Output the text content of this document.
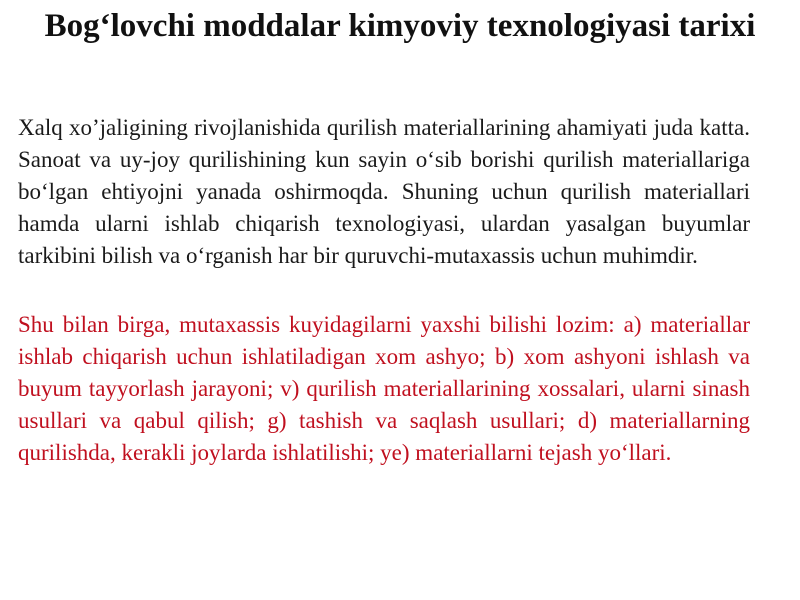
Bog‘lovchi moddalar kimyoviy texnologiyasi tarixi

Xalq xo’jaligining rivojlanishida qurilish materiallarining ahamiyati juda katta. Sanoat va uy-joy qurilishining kun sayin o‘sib borishi qurilish materiallariga bo‘lgan ehtiyojni yanada oshirmoqda. Shuning uchun qurilish materiallari hamda ularni ishlab chiqarish texnologiyasi, ulardan yasalgan buyumlar tarkibini bilish va o‘rganish har bir quruvchi-mutaxassis uchun muhimdir.

Shu bilan birga, mutaxassis kuyidagilarni yaxshi bilishi lozim: a) materiallar ishlab chiqarish uchun ishlatiladigan xom ashyo; b) xom ashyoni ishlash va buyum tayyorlash jarayoni; v) qurilish materiallarining xossalari, ularni sinash usullari va qabul qilish; g) tashish va saqlash usullari; d) materiallarning qurilishda, kerakli joylarda ishlatilishi; ye) materiallarni tejash yo‘llari.
